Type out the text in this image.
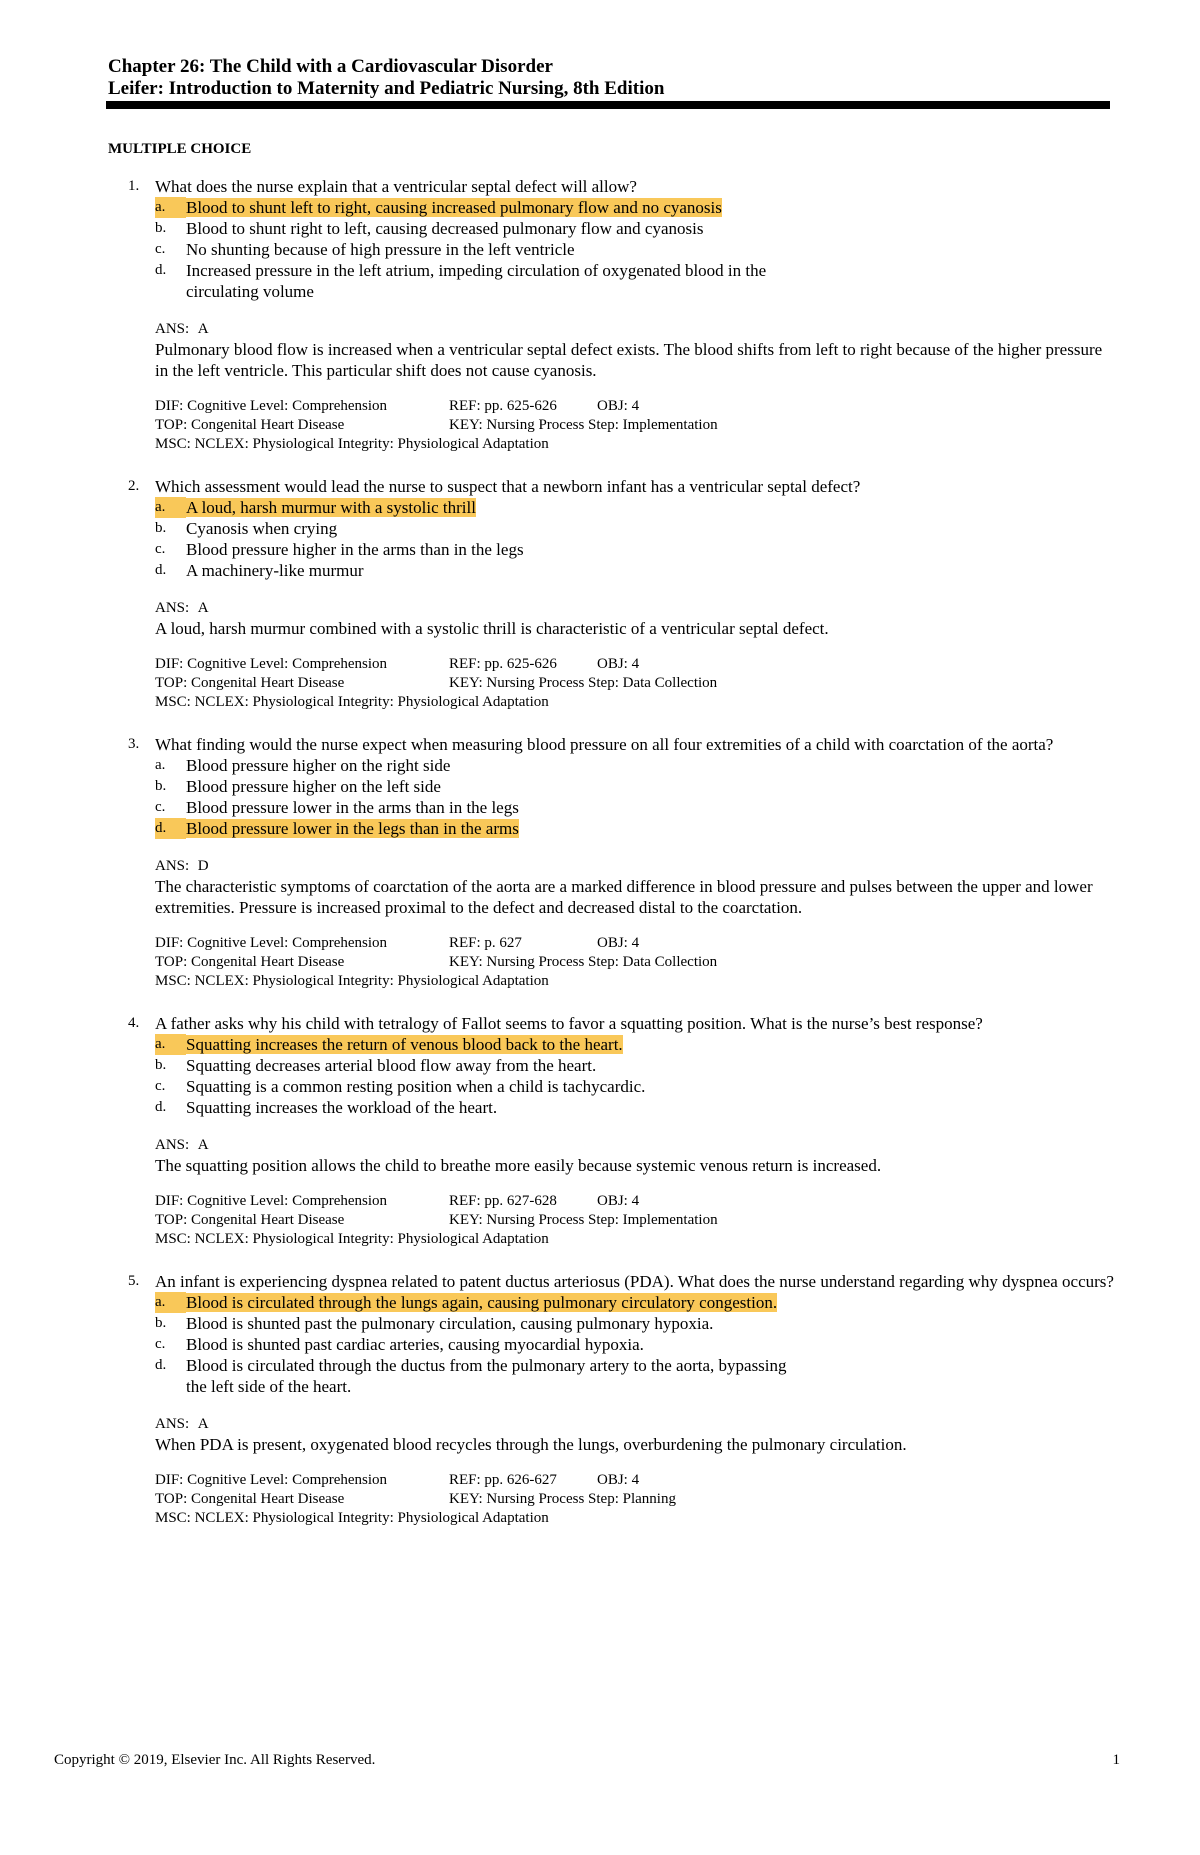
Chapter 26: The Child with a Cardiovascular Disorder
Leifer: Introduction to Maternity and Pediatric Nursing, 8th Edition
MULTIPLE CHOICE
1. What does the nurse explain that a ventricular septal defect will allow?
a.	Blood to shunt left to right, causing increased pulmonary flow and no cyanosis
b.	Blood to shunt right to left, causing decreased pulmonary flow and cyanosis
c.	No shunting because of high pressure in the left ventricle
d.	Increased pressure in the left atrium, impeding circulation of oxygenated blood in the circulating volume
ANS: A
Pulmonary blood flow is increased when a ventricular septal defect exists. The blood shifts from left to right because of the higher pressure in the left ventricle. This particular shift does not cause cyanosis.
DIF: Cognitive Level: Comprehension	REF: pp. 625-626	OBJ: 4
TOP: Congenital Heart Disease	KEY: Nursing Process Step: Implementation
MSC: NCLEX: Physiological Integrity: Physiological Adaptation
2. Which assessment would lead the nurse to suspect that a newborn infant has a ventricular septal defect?
a.	A loud, harsh murmur with a systolic thrill
b.	Cyanosis when crying
c.	Blood pressure higher in the arms than in the legs
d.	A machinery-like murmur
ANS: A
A loud, harsh murmur combined with a systolic thrill is characteristic of a ventricular septal defect.
DIF: Cognitive Level: Comprehension	REF: pp. 625-626	OBJ: 4
TOP: Congenital Heart Disease	KEY: Nursing Process Step: Data Collection
MSC: NCLEX: Physiological Integrity: Physiological Adaptation
3. What finding would the nurse expect when measuring blood pressure on all four extremities of a child with coarctation of the aorta?
a.	Blood pressure higher on the right side
b.	Blood pressure higher on the left side
c.	Blood pressure lower in the arms than in the legs
d.	Blood pressure lower in the legs than in the arms
ANS: D
The characteristic symptoms of coarctation of the aorta are a marked difference in blood pressure and pulses between the upper and lower extremities. Pressure is increased proximal to the defect and decreased distal to the coarctation.
DIF: Cognitive Level: Comprehension	REF: p. 627	OBJ: 4
TOP: Congenital Heart Disease	KEY: Nursing Process Step: Data Collection
MSC: NCLEX: Physiological Integrity: Physiological Adaptation
4. A father asks why his child with tetralogy of Fallot seems to favor a squatting position. What is the nurse’s best response?
a.	Squatting increases the return of venous blood back to the heart.
b.	Squatting decreases arterial blood flow away from the heart.
c.	Squatting is a common resting position when a child is tachycardic.
d.	Squatting increases the workload of the heart.
ANS: A
The squatting position allows the child to breathe more easily because systemic venous return is increased.
DIF: Cognitive Level: Comprehension	REF: pp. 627-628	OBJ: 4
TOP: Congenital Heart Disease	KEY: Nursing Process Step: Implementation
MSC: NCLEX: Physiological Integrity: Physiological Adaptation
5. An infant is experiencing dyspnea related to patent ductus arteriosus (PDA). What does the nurse understand regarding why dyspnea occurs?
a.	Blood is circulated through the lungs again, causing pulmonary circulatory congestion.
b.	Blood is shunted past the pulmonary circulation, causing pulmonary hypoxia.
c.	Blood is shunted past cardiac arteries, causing myocardial hypoxia.
d.	Blood is circulated through the ductus from the pulmonary artery to the aorta, bypassing the left side of the heart.
ANS: A
When PDA is present, oxygenated blood recycles through the lungs, overburdening the pulmonary circulation.
DIF: Cognitive Level: Comprehension	REF: pp. 626-627	OBJ: 4
TOP: Congenital Heart Disease	KEY: Nursing Process Step: Planning
MSC: NCLEX: Physiological Integrity: Physiological Adaptation
Copyright © 2019, Elsevier Inc. All Rights Reserved.	1
